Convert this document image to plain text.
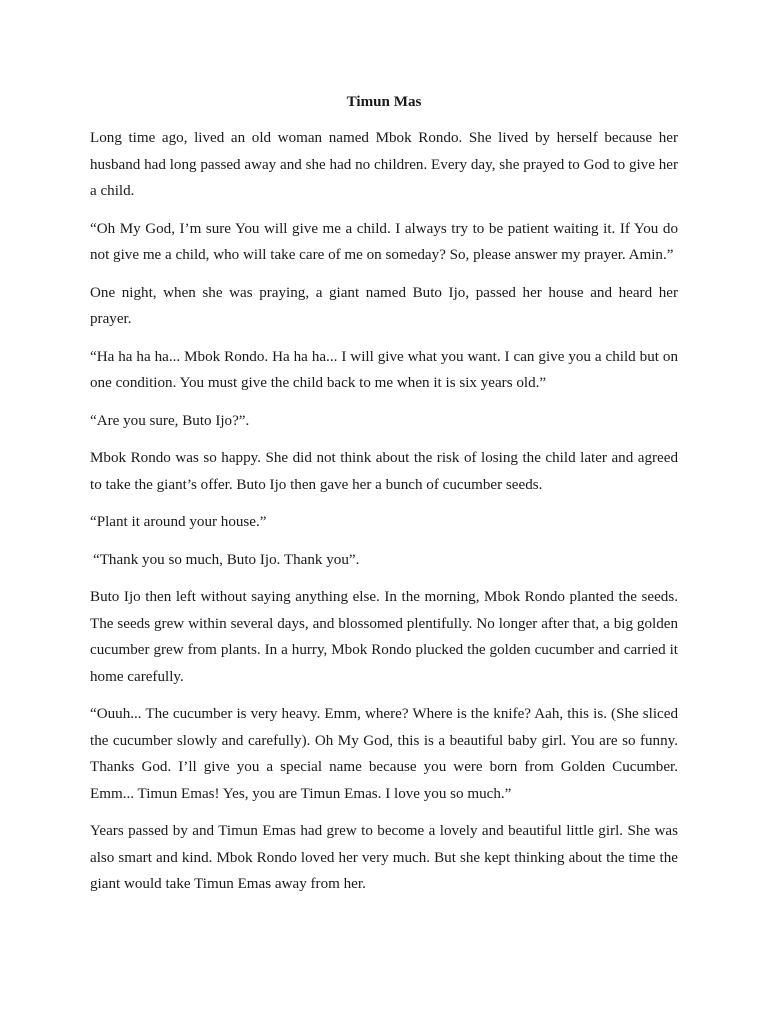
Timun Mas

Long time ago, lived an old woman named Mbok Rondo. She lived by herself because her husband had long passed away and she had no children. Every day, she prayed to God to give her a child.

“Oh My God, I’m sure You will give me a child. I always try to be patient waiting it. If You do not give me a child, who will take care of me on someday? So, please answer my prayer. Amin.”

One night, when she was praying, a giant named Buto Ijo, passed her house and heard her prayer.

“Ha ha ha ha... Mbok Rondo. Ha ha ha... I will give what you want. I can give you a child but on one condition. You must give the child back to me when it is six years old.”

“Are you sure, Buto Ijo?”.

Mbok Rondo was so happy. She did not think about the risk of losing the child later and agreed to take the giant’s offer. Buto Ijo then gave her a bunch of cucumber seeds.

“Plant it around your house.”

“Thank you so much, Buto Ijo. Thank you”.

Buto Ijo then left without saying anything else. In the morning, Mbok Rondo planted the seeds. The seeds grew within several days, and blossomed plentifully. No longer after that, a big golden cucumber grew from plants. In a hurry, Mbok Rondo plucked the golden cucumber and carried it home carefully.

“Ouuh... The cucumber is very heavy. Emm, where? Where is the knife? Aah, this is. (She sliced the cucumber slowly and carefully). Oh My God, this is a beautiful baby girl. You are so funny. Thanks God. I’ll give you a special name because you were born from Golden Cucumber. Emm... Timun Emas! Yes, you are Timun Emas. I love you so much.”

Years passed by and Timun Emas had grew to become a lovely and beautiful little girl. She was also smart and kind. Mbok Rondo loved her very much. But she kept thinking about the time the giant would take Timun Emas away from her.
